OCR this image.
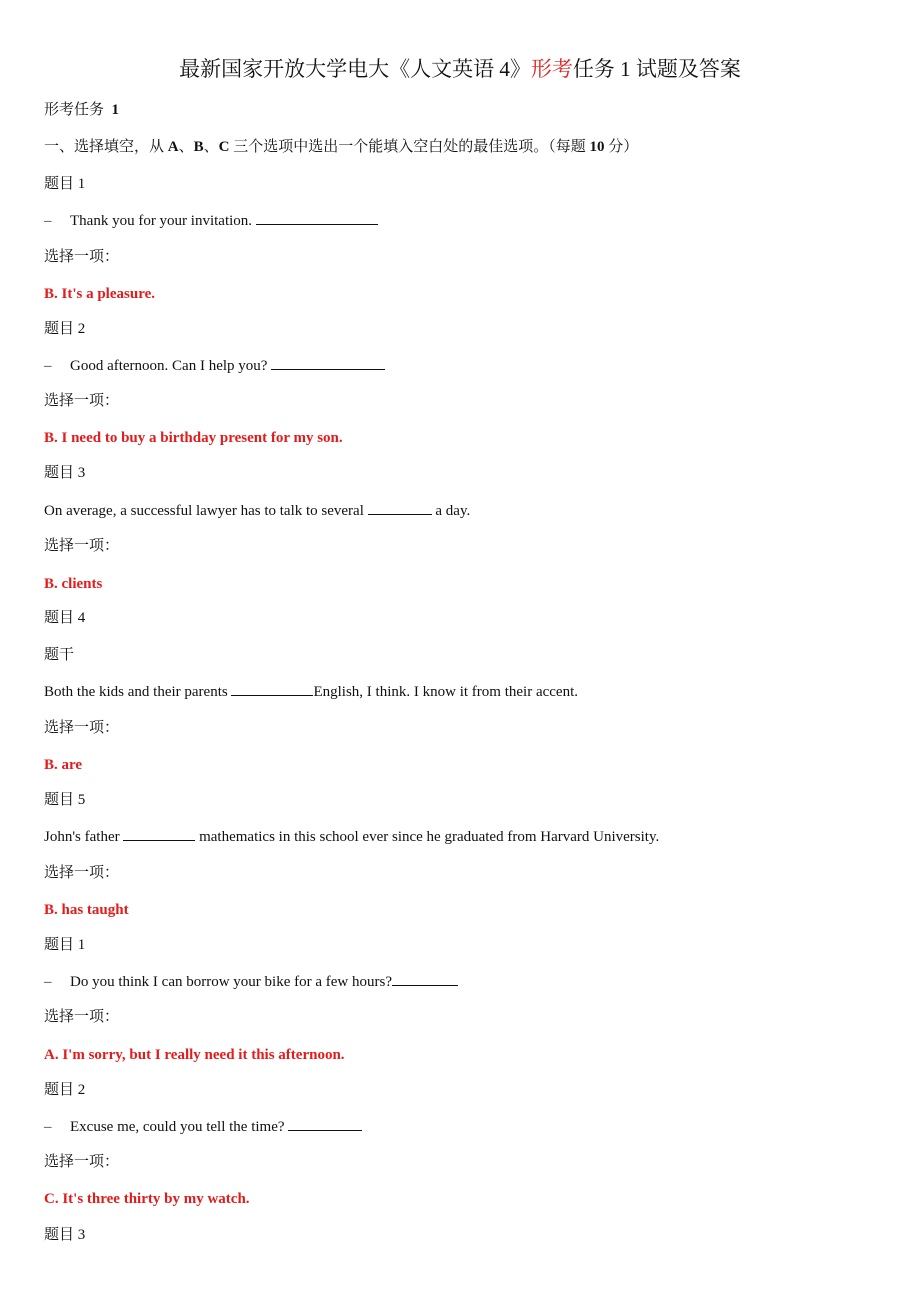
最新国家开放大学电大《人文英语 4》形考任务 1 试题及答案
形考任务 1
一、选择填空，从 A、B、C 三个选项中选出一个能填入空白处的最佳选项。（每题 10 分）
题目 1
– Thank you for your invitation.
选择一项：
B. It's a pleasure.
题目 2
– Good afternoon. Can I help you?
选择一项：
B. I need to buy a birthday present for my son.
题目 3
On average, a successful lawyer has to talk to several	a day.
选择一项：
B. clients
题目 4
题干
Both the kids and their parents	English, I think. I know it from their accent.
选择一项：
B. are
题目 5
John's father	mathematics in this school ever since he graduated from Harvard University.
选择一项：
B. has taught
题目 1
– Do you think I can borrow your bike for a few hours?
选择一项：
A. I'm sorry, but I really need it this afternoon.
题目 2
– Excuse me, could you tell the time?
选择一项：
C. It's three thirty by my watch.
题目 3
